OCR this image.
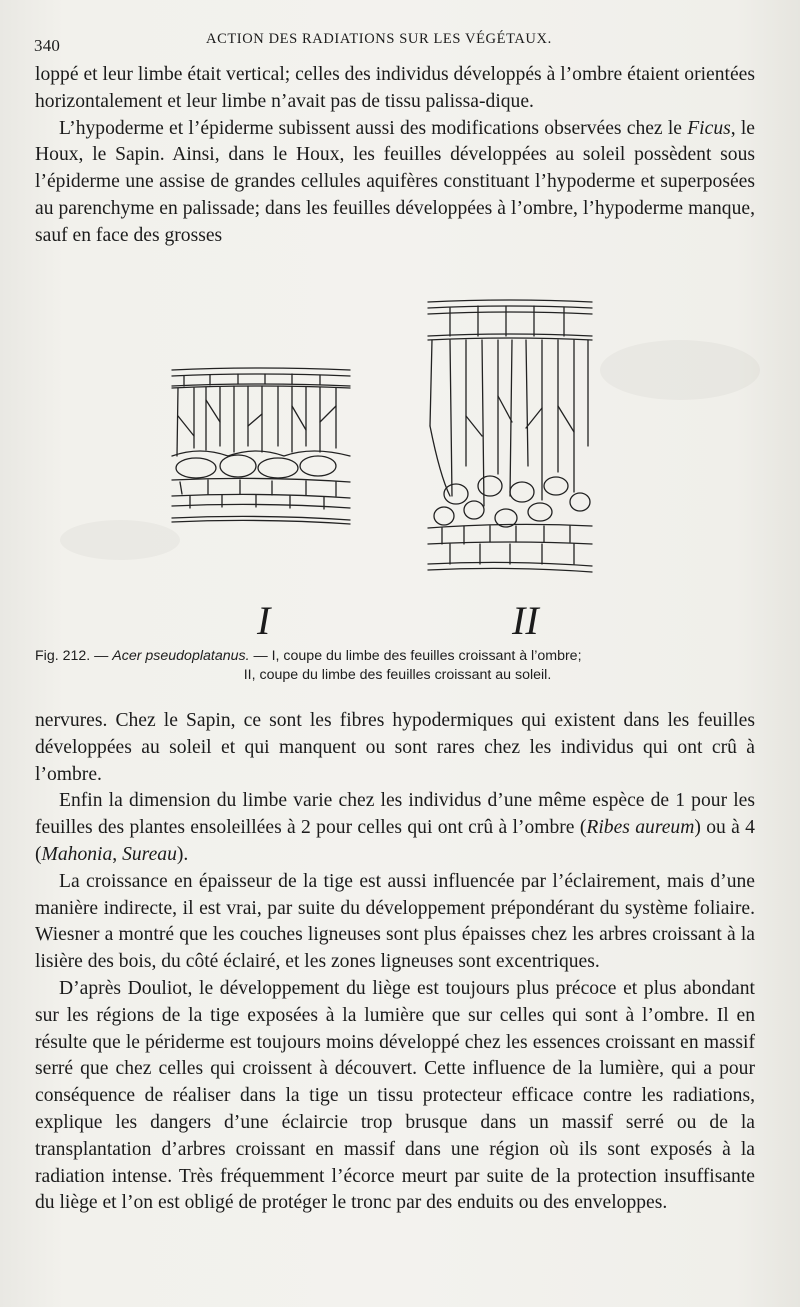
340	ACTION DES RADIATIONS SUR LES VÉGÉTAUX.

loppé et leur limbe était vertical; celles des individus développés à l’ombre étaient orientées horizontalement et leur limbe n’avait pas de tissu palissa-dique.

L’hypoderme et l’épiderme subissent aussi des modifications observées chez le Ficus, le Houx, le Sapin. Ainsi, dans le Houx, les feuilles développées au soleil possèdent sous l’épiderme une assise de grandes cellules aquifères constituant l’hypoderme et superposées au parenchyme en palissade; dans les feuilles développées à l’ombre, l’hypoderme manque, sauf en face des grosses

I	II
Fig. 212. — Acer pseudoplatanus. — I, coupe du limbe des feuilles croissant à l’ombre;
II, coupe du limbe des feuilles croissant au soleil.

nervures. Chez le Sapin, ce sont les fibres hypodermiques qui existent dans les feuilles développées au soleil et qui manquent ou sont rares chez les individus qui ont crû à l’ombre.

Enfin la dimension du limbe varie chez les individus d’une même espèce de 1 pour les feuilles des plantes ensoleillées à 2 pour celles qui ont crû à l’ombre (Ribes aureum) ou à 4 (Mahonia, Sureau).

La croissance en épaisseur de la tige est aussi influencée par l’éclairement, mais d’une manière indirecte, il est vrai, par suite du développement prépondérant du système foliaire. Wiesner a montré que les couches ligneuses sont plus épaisses chez les arbres croissant à la lisière des bois, du côté éclairé, et les zones ligneuses sont excentriques.

D’après Douliot, le développement du liège est toujours plus précoce et plus abondant sur les régions de la tige exposées à la lumière que sur celles qui sont à l’ombre. Il en résulte que le périderme est toujours moins développé chez les essences croissant en massif serré que chez celles qui croissent à découvert. Cette influence de la lumière, qui a pour conséquence de réaliser dans la tige un tissu protecteur efficace contre les radiations, explique les dangers d’une éclaircie trop brusque dans un massif serré ou de la transplantation d’arbres croissant en massif dans une région où ils sont exposés à la radiation intense. Très fréquemment l’écorce meurt par suite de la protection insuffisante du liège et l’on est obligé de protéger le tronc par des enduits ou des enveloppes.
